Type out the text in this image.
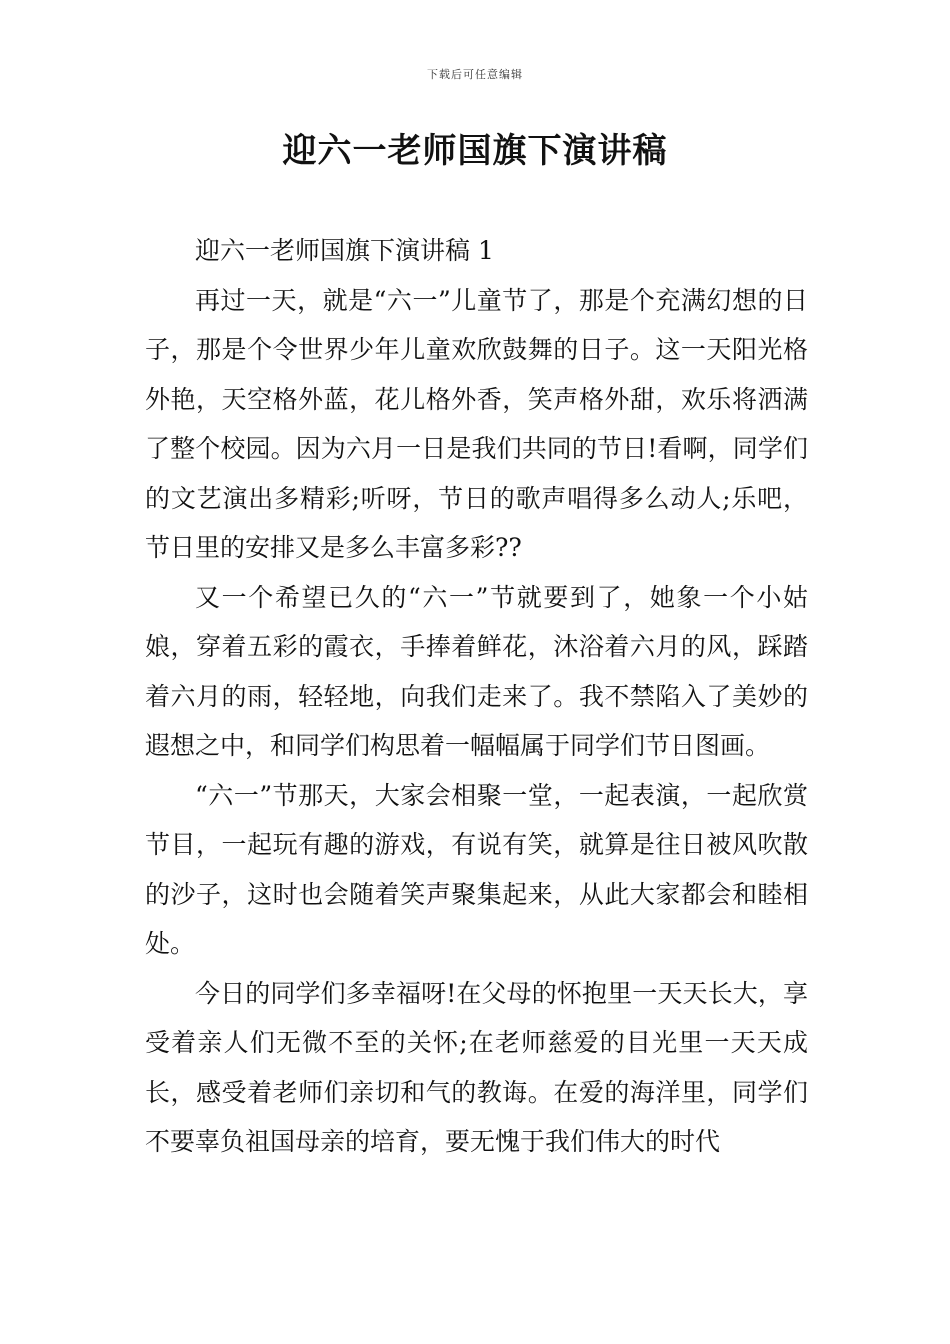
下载后可任意编辑
迎六一老师国旗下演讲稿

迎六一老师国旗下演讲稿 1

再过一天，就是“六一”儿童节了，那是个充满幻想的日子，那是个令世界少年儿童欢欣鼓舞的日子。这一天阳光格外艳，天空格外蓝，花儿格外香，笑声格外甜，欢乐将洒满了整个校园。因为六月一日是我们共同的节日!看啊，同学们的文艺演出多精彩;听呀，节日的歌声唱得多么动人;乐吧，节日里的安排又是多么丰富多彩??

又一个希望已久的“六一”节就要到了，她象一个小姑娘，穿着五彩的霞衣，手捧着鲜花，沐浴着六月的风，踩踏着六月的雨，轻轻地，向我们走来了。我不禁陷入了美妙的遐想之中，和同学们构思着一幅幅属于同学们节日图画。

“六一”节那天，大家会相聚一堂，一起表演，一起欣赏节目，一起玩有趣的游戏，有说有笑，就算是往日被风吹散的沙子，这时也会随着笑声聚集起来，从此大家都会和睦相处。

今日的同学们多幸福呀!在父母的怀抱里一天天长大，享受着亲人们无微不至的关怀;在老师慈爱的目光里一天天成长，感受着老师们亲切和气的教诲。在爱的海洋里，同学们不要辜负祖国母亲的培育，要无愧于我们伟大的时代
